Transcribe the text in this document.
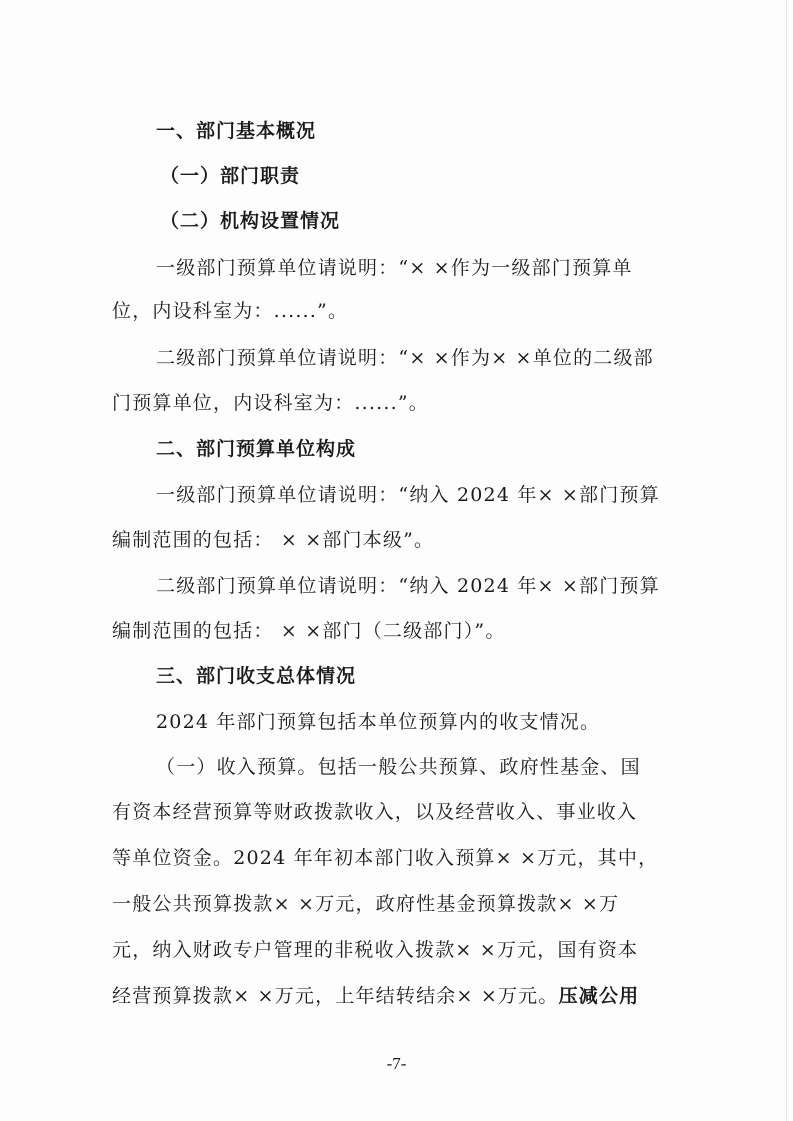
一、部门基本概况
（一）部门职责
（二）机构设置情况
一级部门预算单位请说明：“× ×作为一级部门预算单
位，内设科室为：......”。
二级部门预算单位请说明：“× ×作为× ×单位的二级部
门预算单位，内设科室为：......”。
二、部门预算单位构成
一级部门预算单位请说明：“纳入 2024 年× ×部门预算
编制范围的包括： × ×部门本级”。
二级部门预算单位请说明：“纳入 2024 年× ×部门预算
编制范围的包括： × ×部门（二级部门）”。
三、部门收支总体情况
2024 年部门预算包括本单位预算内的收支情况。
（一）收入预算。包括一般公共预算、政府性基金、国
有资本经营预算等财政拨款收入，以及经营收入、事业收入
等单位资金。2024 年年初本部门收入预算× ×万元，其中，
一般公共预算拨款× ×万元，政府性基金预算拨款× ×万
元，纳入财政专户管理的非税收入拨款× ×万元，国有资本
经营预算拨款× ×万元，上年结转结余× ×万元。压减公用
-7-
